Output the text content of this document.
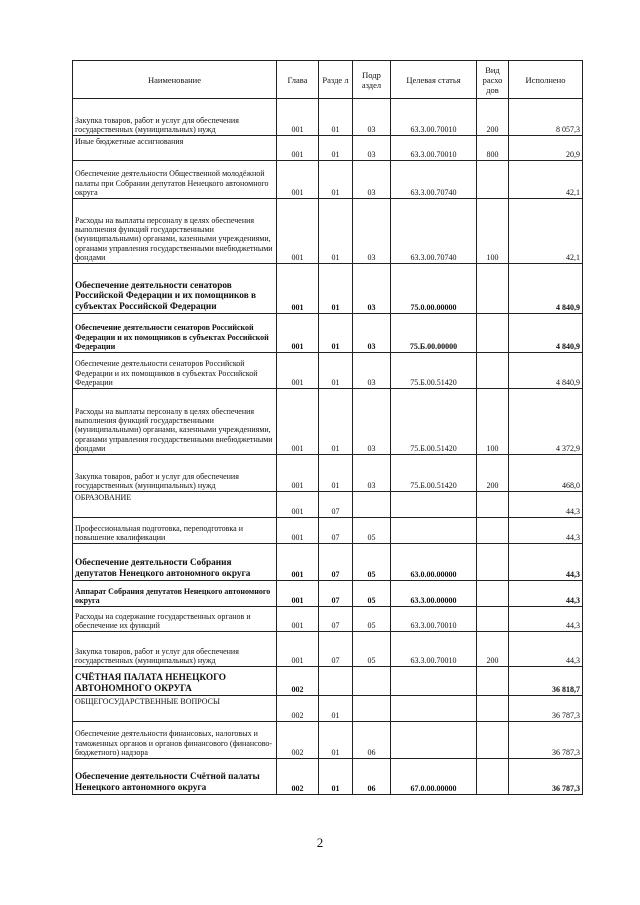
Наименование	Глава	Разде л	Подр аздел	Целевая статья	Вид расхо дов	Исполнено
Закупка товаров, работ и услуг для обеспечения государственных (муниципальных) нужд	001	01	03	63.3.00.70010	200	8 057,3
Иные бюджетные ассигнования	001	01	03	63.3.00.70010	800	20,9
Обеспечение деятельности Общественной молодёжной палаты при Собрании депутатов Ненецкого автономного округа	001	01	03	63.3.00.70740		42,1
Расходы на выплаты персоналу в целях обеспечения выполнения функций государственными (муниципальными) органами, казенными учреждениями, органами управления государственными внебюджетными фондами	001	01	03	63.3.00.70740	100	42,1
Обеспечение деятельности сенаторов Российской Федерации и их помощников в субъектах Российской Федерации	001	01	03	75.0.00.00000		4 840,9
Обеспечение деятельности сенаторов Российской Федерации и их помощников в субъектах Российской Федерации	001	01	03	75.Б.00.00000		4 840,9
Обеспечение деятельности сенаторов Российской Федерации и их помощников в субъектах Российской Федерации	001	01	03	75.Б.00.51420		4 840,9
Расходы на выплаты персоналу в целях обеспечения выполнения функций государственными (муниципальными) органами, казенными учреждениями, органами управления государственными внебюджетными фондами	001	01	03	75.Б.00.51420	100	4 372,9
Закупка товаров, работ и услуг для обеспечения государственных (муниципальных) нужд	001	01	03	75.Б.00.51420	200	468,0
ОБРАЗОВАНИЕ	001	07				44,3
Профессиональная подготовка, переподготовка и повышение квалификации	001	07	05			44,3
Обеспечение деятельности Собрания депутатов Ненецкого автономного округа	001	07	05	63.0.00.00000		44,3
Аппарат Собрания депутатов Ненецкого автономного округа	001	07	05	63.3.00.00000		44,3
Расходы на содержание государственных органов и обеспечение их функций	001	07	05	63.3.00.70010		44,3
Закупка товаров, работ и услуг для обеспечения государственных (муниципальных) нужд	001	07	05	63.3.00.70010	200	44,3
СЧЁТНАЯ ПАЛАТА НЕНЕЦКОГО АВТОНОМНОГО ОКРУГА	002					36 818,7
ОБЩЕГОСУДАРСТВЕННЫЕ ВОПРОСЫ	002	01				36 787,3
Обеспечение деятельности финансовых, налоговых и таможенных органов и органов финансового (финансово-бюджетного) надзора	002	01	06			36 787,3
Обеспечение деятельности Счётной палаты Ненецкого автономного округа	002	01	06	67.0.00.00000		36 787,3
2
